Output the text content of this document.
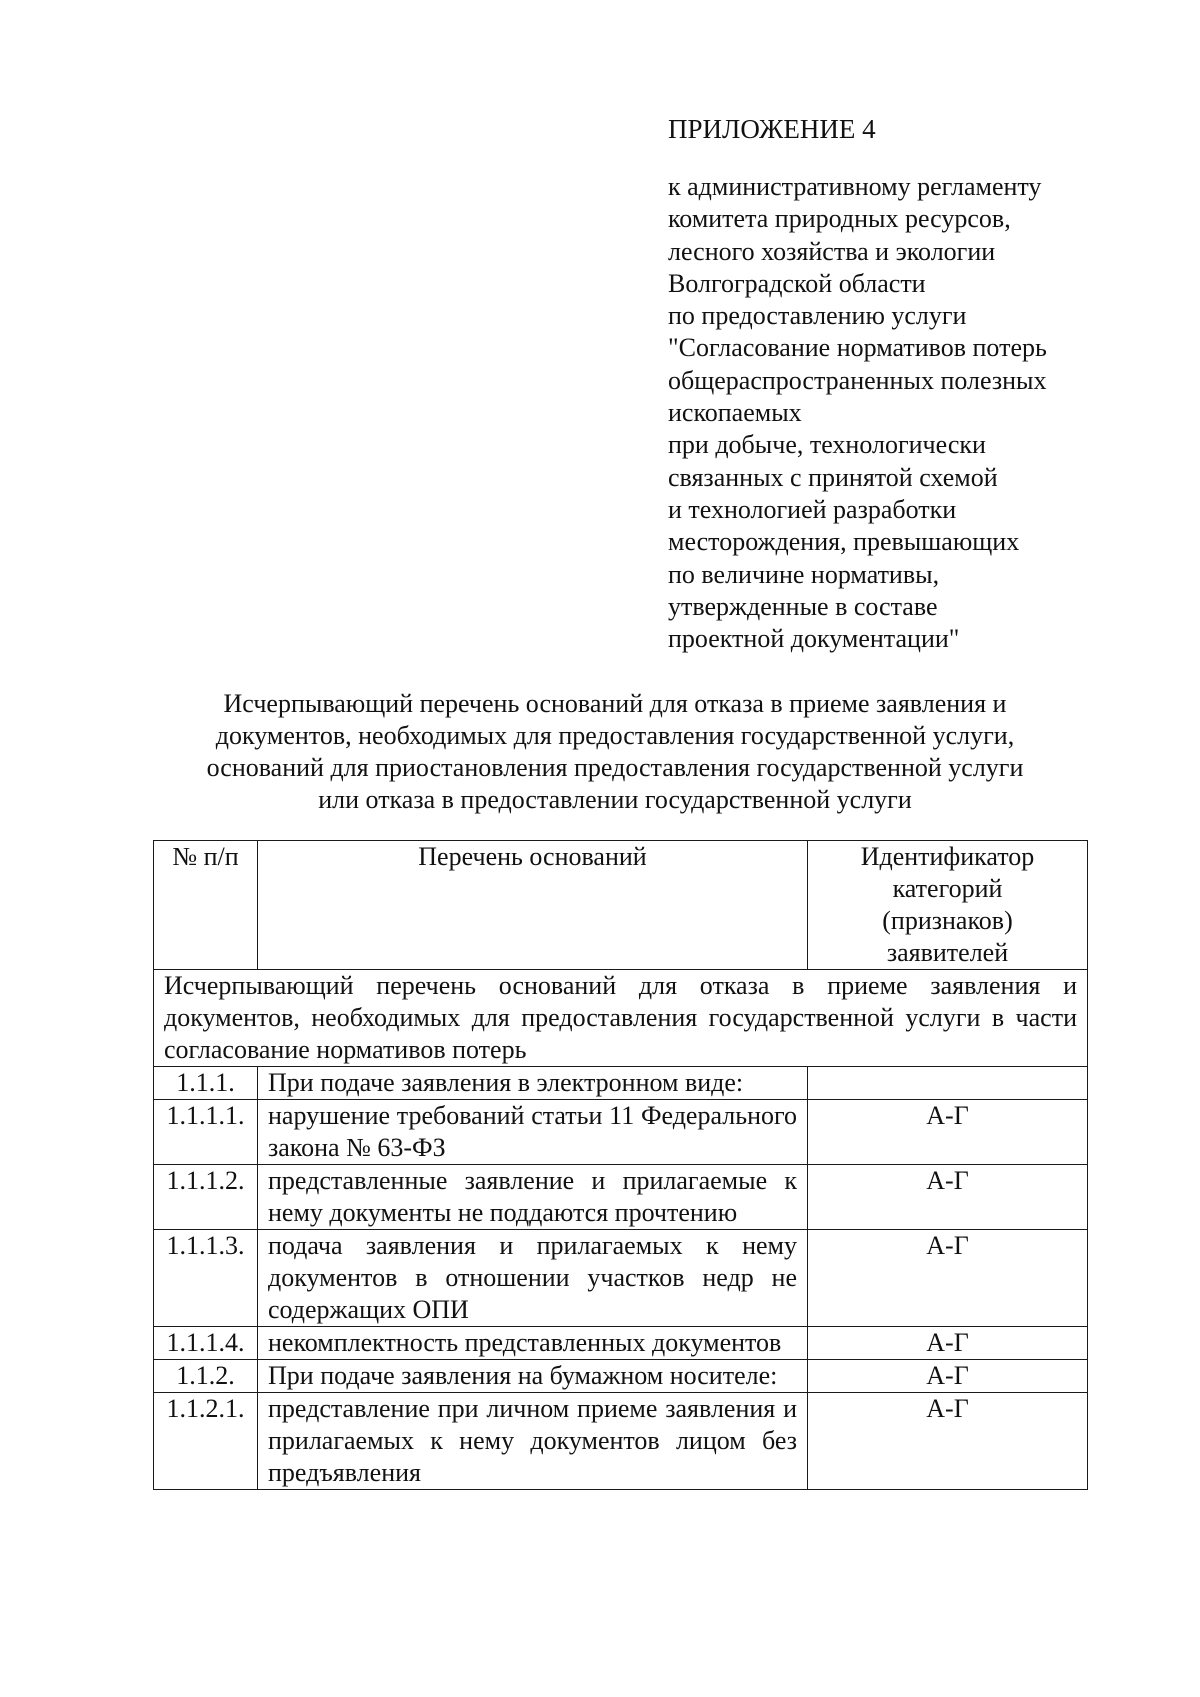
ПРИЛОЖЕНИЕ 4
к административному регламенту
комитета природных ресурсов,
лесного хозяйства и экологии
Волгоградской области
по предоставлению услуги
"Согласование нормативов потерь
общераспространенных полезных
ископаемых
при добыче, технологически
связанных с принятой схемой
и технологией разработки
месторождения, превышающих
по величине нормативы,
утвержденные в составе
проектной документации"
Исчерпывающий перечень оснований для отказа в приеме заявления и
документов, необходимых для предоставления государственной услуги,
оснований для приостановления предоставления государственной услуги
или отказа в предоставлении государственной услуги
№ п/п	Перечень оснований	Идентификатор
категорий
(признаков)
заявителей

Исчерпывающий перечень оснований для отказа в приеме заявления и документов, необходимых для предоставления государственной услуги в части согласование нормативов потерь		
1.1.1.	При подаче заявления в электронном виде:	
1.1.1.1.	нарушение требований статьи 11 Федерального закона № 63-ФЗ	А-Г
1.1.1.2.	представленные заявление и прилагаемые к нему документы не поддаются прочтению	А-Г
1.1.1.3.	подача заявления и прилагаемых к нему документов в отношении участков недр не содержащих ОПИ	А-Г
1.1.1.4.	некомплектность представленных документов	А-Г
1.1.2.	При подаче заявления на бумажном носителе:	А-Г
1.1.2.1.	представление при личном приеме заявления и прилагаемых к нему документов лицом без предъявления	А-Г
